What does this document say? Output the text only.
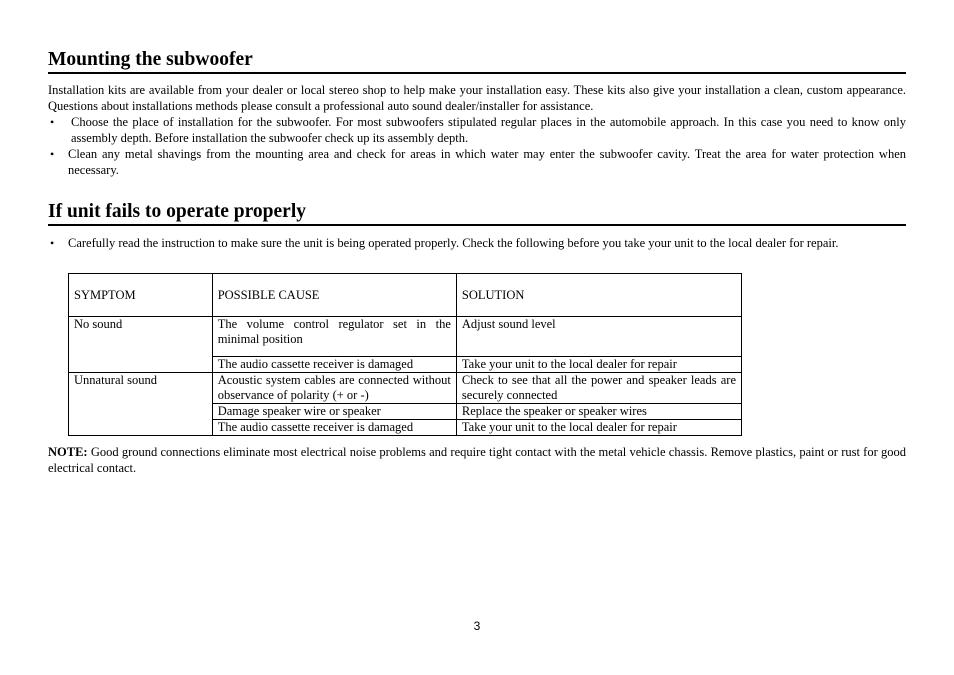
Mounting the subwoofer

Installation kits are available from your dealer or local stereo shop to help make your installation easy. These kits also give your installation a clean, custom appearance. Questions about installations methods please consult a professional auto sound dealer/installer for assistance.

• Choose the place of installation for the subwoofer. For most subwoofers stipulated regular places in the automobile approach. In this case you need to know only assembly depth. Before installation the subwoofer check up its assembly depth.
• Clean any metal shavings from the mounting area and check for areas in which water may enter the subwoofer cavity. Treat the area for water protection when necessary.
If unit fails to operate properly
• Carefully read the instruction to make sure the unit is being operated properly. Check the following before you take your unit to the local dealer for repair.
SYMPTOM	POSSIBLE CAUSE	SOLUTION
No sound	The volume control regulator set in the minimal position	Adjust sound level
	The audio cassette receiver is damaged	Take your unit to the local dealer for repair
Unnatural sound	Acoustic system cables are connected without observance of polarity (+ or -)	Check to see that all the power and speaker leads are securely connected
	Damage speaker wire or speaker	Replace the speaker or speaker wires
	The audio cassette receiver is damaged	Take your unit to the local dealer for repair

NOTE: Good ground connections eliminate most electrical noise problems and require tight contact with the metal vehicle chassis. Remove plastics, paint or rust for good electrical contact.

3
